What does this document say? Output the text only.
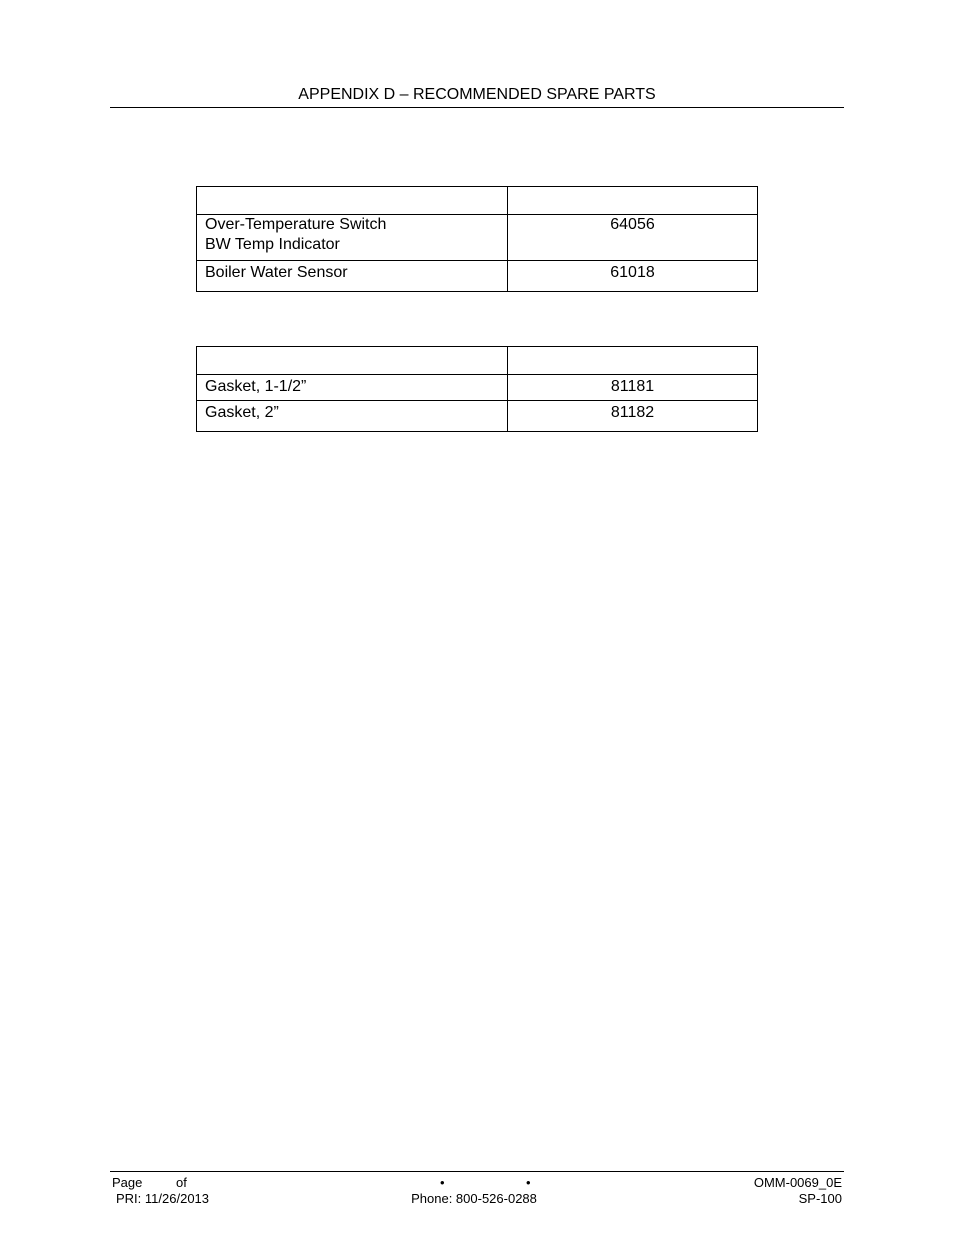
APPENDIX D – RECOMMENDED SPARE PARTS

Over-Temperature Switch
BW Temp Indicator	64056
Boiler Water Sensor	61018

Gasket, 1-1/2”	81181
Gasket, 2”	81182
Page	of
PRI: 11/26/2013
•	•
Phone: 800-526-0288
OMM-0069_0E
SP-100
